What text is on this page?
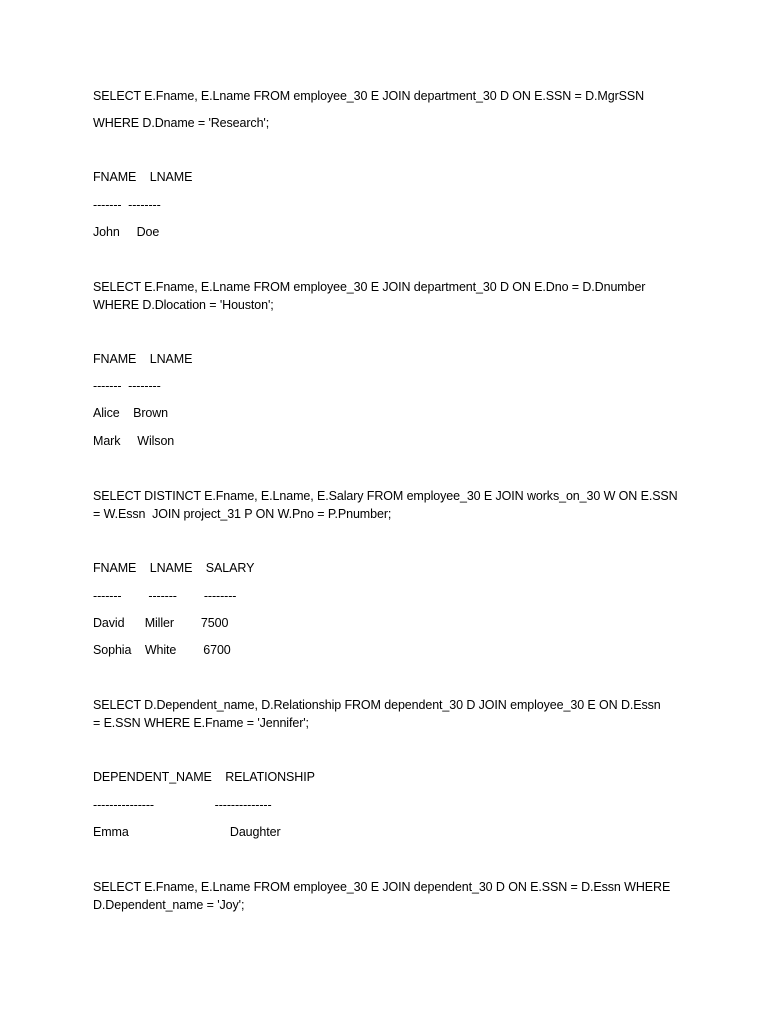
SELECT E.Fname, E.Lname FROM employee_30 E JOIN department_30 D ON E.SSN = D.MgrSSN
WHERE D.Dname = 'Research';
FNAME    LNAME
-------  --------
John     Doe
SELECT E.Fname, E.Lname FROM employee_30 E JOIN department_30 D ON E.Dno = D.Dnumber
WHERE D.Dlocation = 'Houston';
FNAME    LNAME
-------  --------
Alice    Brown
Mark     Wilson
SELECT DISTINCT E.Fname, E.Lname, E.Salary FROM employee_30 E JOIN works_on_30 W ON E.SSN
= W.Essn  JOIN project_31 P ON W.Pno = P.Pnumber;
FNAME    LNAME    SALARY
-------        -------        --------
David      Miller        7500
Sophia    White        6700
SELECT D.Dependent_name, D.Relationship FROM dependent_30 D JOIN employee_30 E ON D.Essn
= E.SSN WHERE E.Fname = 'Jennifer';
DEPENDENT_NAME    RELATIONSHIP
---------------                  --------------
Emma                              Daughter
SELECT E.Fname, E.Lname FROM employee_30 E JOIN dependent_30 D ON E.SSN = D.Essn WHERE
D.Dependent_name = 'Joy';
